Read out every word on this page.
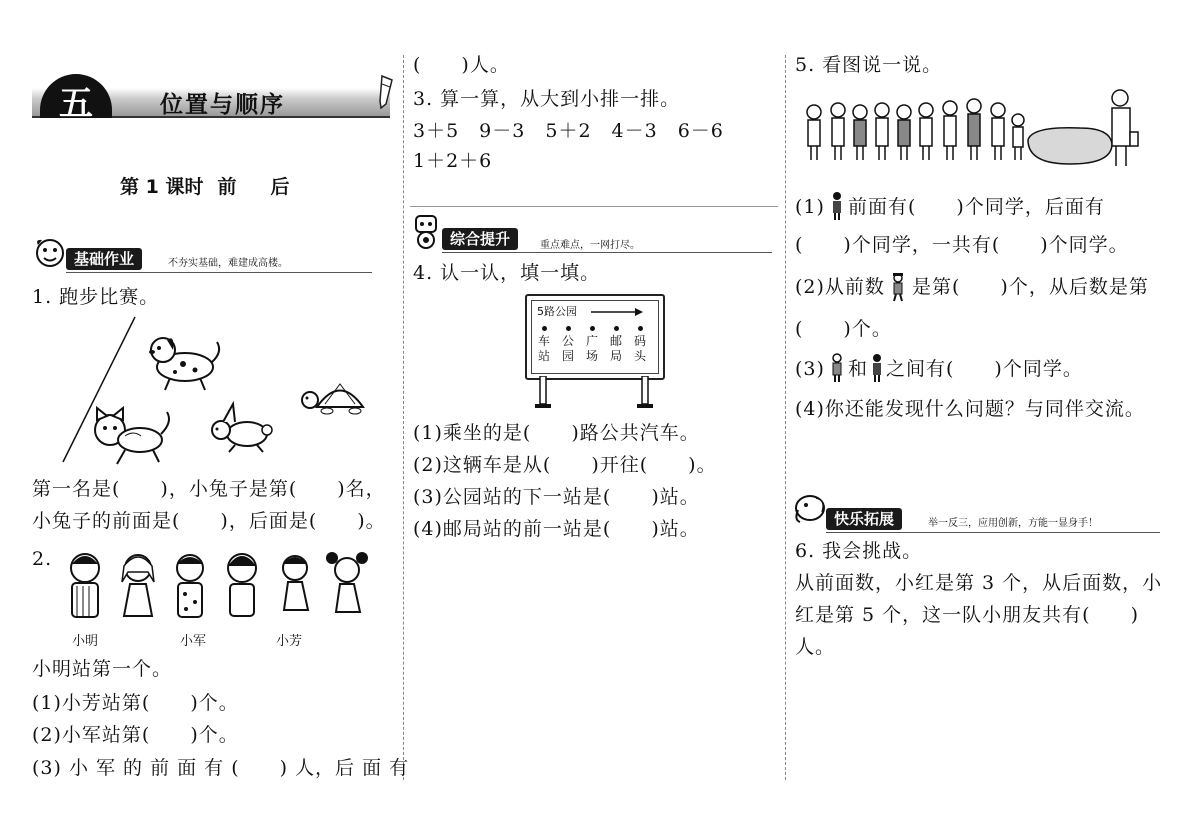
五	位置与顺序
第 1 课时 前 后
基础作业	不夯实基础，难建成高楼。
1. 跑步比赛。
第一名是(　　)，小兔子是第(　　)名，
小兔子的前面是(　　)，后面是(　　)。
2.
小明	小军	小芳
小明站第一个。
(1)小芳站第(　　)个。
(2)小军站第(　　)个。
(3) 小 军 的 前 面 有 (　　) 人，后 面 有
(　　)人。
3. 算一算，从大到小排一排。
3＋5　9－3　5＋2　4－3　6－6
1＋2＋6
综合提升	重点难点，一网打尽。
4. 认一认，填一填。
5路公园
车
站
公
园
广
场
邮
局
码
头
(1)乘坐的是(　　)路公共汽车。
(2)这辆车是从(　　)开往(　　)。
(3)公园站的下一站是(　　)站。
(4)邮局站的前一站是(　　)站。
5. 看图说一说。
(1) 前面有(　　)个同学，后面有
(　　)个同学，一共有(　　)个同学。
(2)从前数 是第(　　)个，从后数是第
(　　)个。
(3) 和 之间有(　　)个同学。
(4)你还能发现什么问题？与同伴交流。
快乐拓展	举一反三，应用创新，方能一显身手！
6. 我会挑战。
从前面数，小红是第 3 个，从后面数，小
红是第 5 个，这一队小朋友共有(　　)
人。
